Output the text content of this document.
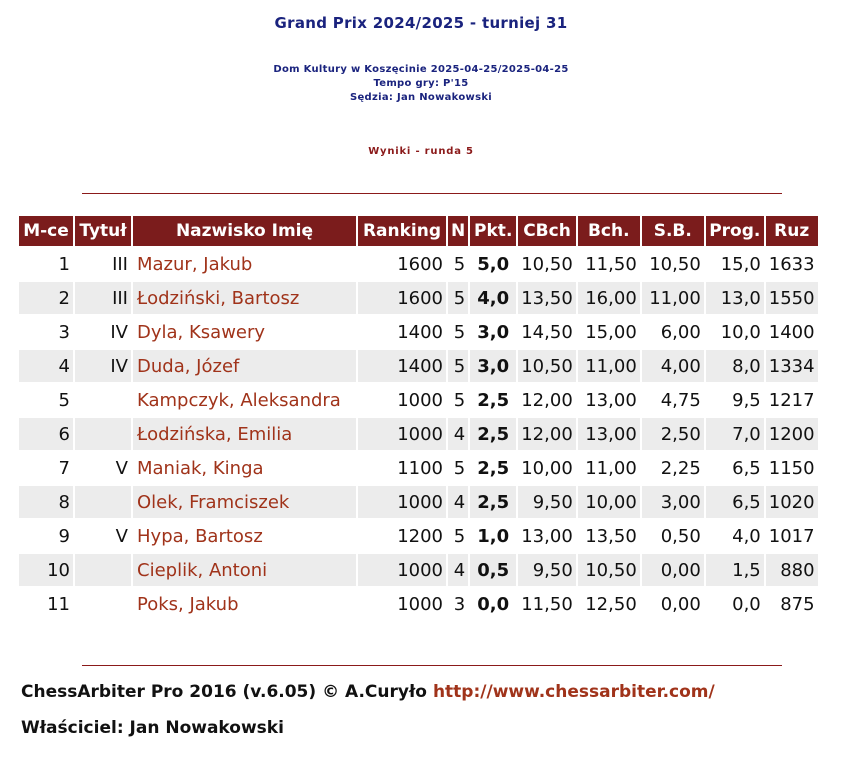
Grand Prix 2024/2025 - turniej 31
Dom Kultury w Koszęcinie 2025-04-25/2025-04-25
Tempo gry: P'15
Sędzia: Jan Nowakowski
Wyniki - runda 5
M-ce	Tytuł	Nazwisko Imię	Ranking	N	Pkt.	CBch	Bch.	S.B.	Prog.	Ruz
1	III	Mazur, Jakub	1600	5	5,0	10,50	11,50	10,50	15,0	1633
2	III	Łodziński, Bartosz	1600	5	4,0	13,50	16,00	11,00	13,0	1550
3	IV	Dyla, Ksawery	1400	5	3,0	14,50	15,00	6,00	10,0	1400
4	IV	Duda, Józef	1400	5	3,0	10,50	11,00	4,00	8,0	1334
5		Kampczyk, Aleksandra	1000	5	2,5	12,00	13,00	4,75	9,5	1217
6		Łodzińska, Emilia	1000	4	2,5	12,00	13,00	2,50	7,0	1200
7	V	Maniak, Kinga	1100	5	2,5	10,00	11,00	2,25	6,5	1150
8		Olek, Framciszek	1000	4	2,5	9,50	10,00	3,00	6,5	1020
9	V	Hypa, Bartosz	1200	5	1,0	13,00	13,50	0,50	4,0	1017
10		Cieplik, Antoni	1000	4	0,5	9,50	10,50	0,00	1,5	880
11		Poks, Jakub	1000	3	0,0	11,50	12,50	0,00	0,0	875
ChessArbiter Pro 2016 (v.6.05) © A.Curyło http://www.chessarbiter.com/
Właściciel: Jan Nowakowski
